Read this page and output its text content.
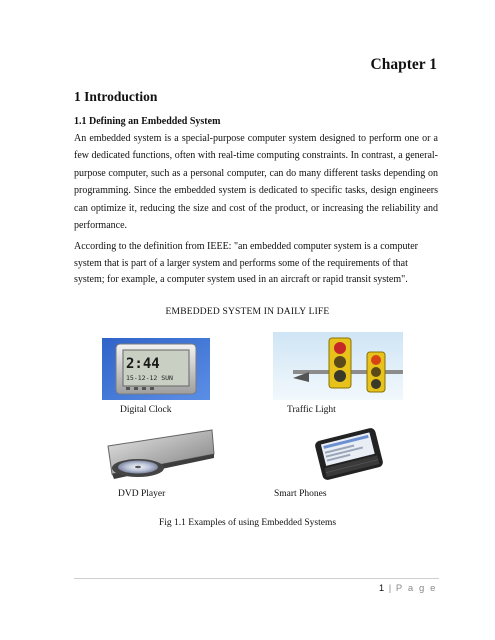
Chapter 1
1 Introduction
1.1 Defining an Embedded System

An embedded system is a special-purpose computer system designed to perform one or a few dedicated functions, often with real-time computing constraints. In contrast, a general-purpose computer, such as a personal computer, can do many different tasks depending on programming. Since the embedded system is dedicated to specific tasks, design engineers can optimize it, reducing the size and cost of the product, or increasing the reliability and performance.

According to the definition from IEEE: "an embedded computer system is a computer system that is part of a larger system and performs some of the requirements of that system; for example, a computer system used in an aircraft or rapid transit system".

EMBEDDED SYSTEM IN DAILY LIFE
2:44
15-12-12 SUN
Digital Clock	Traffic Light
DVD Player	Smart Phones
Fig 1.1 Examples of using Embedded Systems
1 | P a g e
